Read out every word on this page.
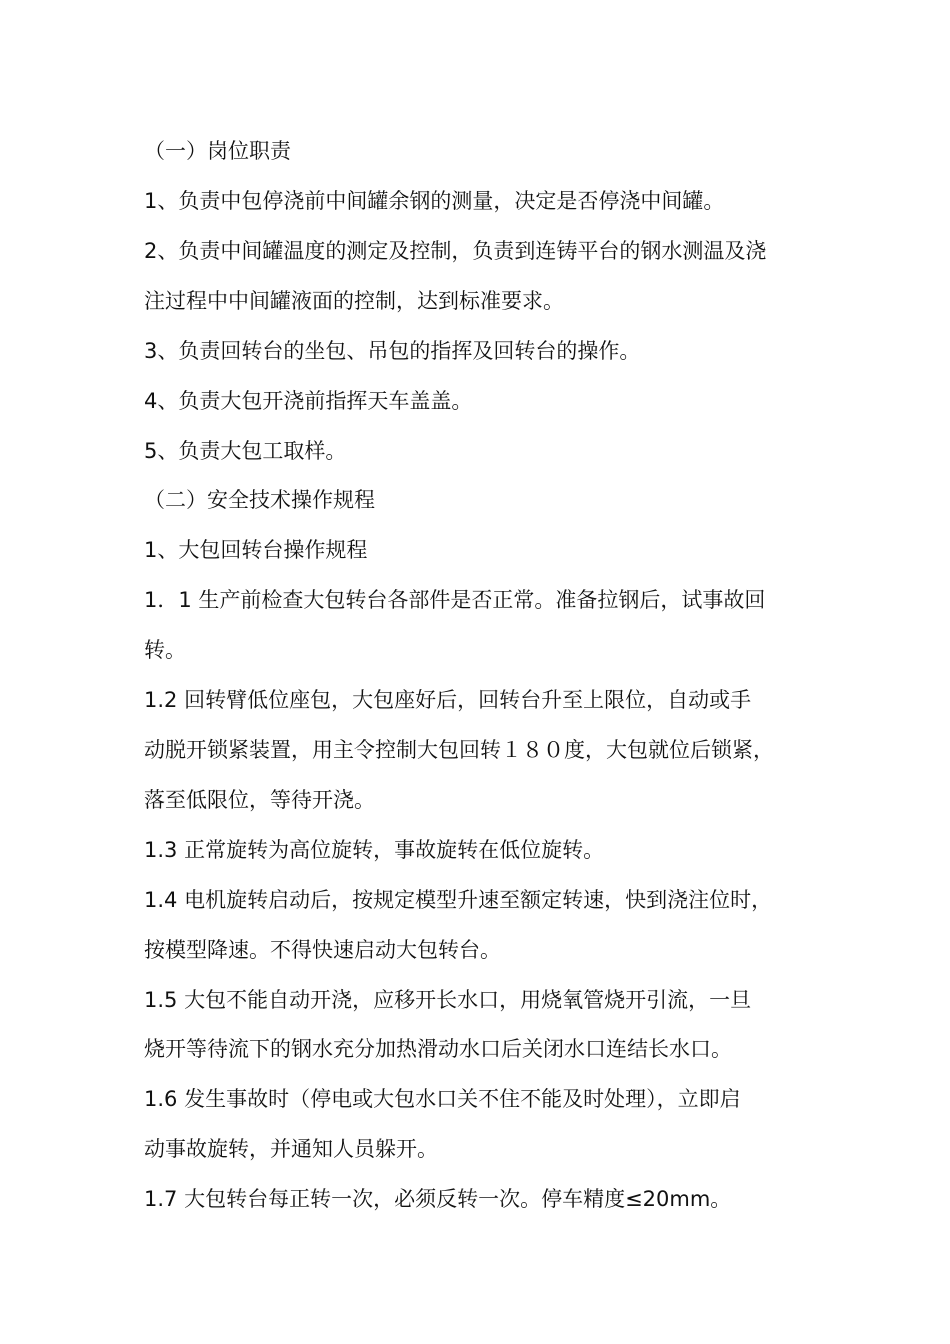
（一）岗位职责
1、负责中包停浇前中间罐余钢的测量，决定是否停浇中间罐。
2、负责中间罐温度的测定及控制，负责到连铸平台的钢水测温及浇
注过程中中间罐液面的控制，达到标准要求。
3、负责回转台的坐包、吊包的指挥及回转台的操作。
4、负责大包开浇前指挥天车盖盖。
5、负责大包工取样。
（二）安全技术操作规程
1、大包回转台操作规程
1．1 生产前检查大包转台各部件是否正常。准备拉钢后，试事故回
转。
1.2 回转臂低位座包，大包座好后，回转台升至上限位，自动或手
动脱开锁紧装置，用主令控制大包回转１８０度，大包就位后锁紧，
落至低限位，等待开浇。
1.3 正常旋转为高位旋转，事故旋转在低位旋转。
1.4 电机旋转启动后，按规定模型升速至额定转速，快到浇注位时，
按模型降速。不得快速启动大包转台。
1.5 大包不能自动开浇，应移开长水口，用烧氧管烧开引流，一旦
烧开等待流下的钢水充分加热滑动水口后关闭水口连结长水口。
1.6 发生事故时（停电或大包水口关不住不能及时处理），立即启
动事故旋转，并通知人员躲开。
1.7 大包转台每正转一次，必须反转一次。停车精度≤20mm。
